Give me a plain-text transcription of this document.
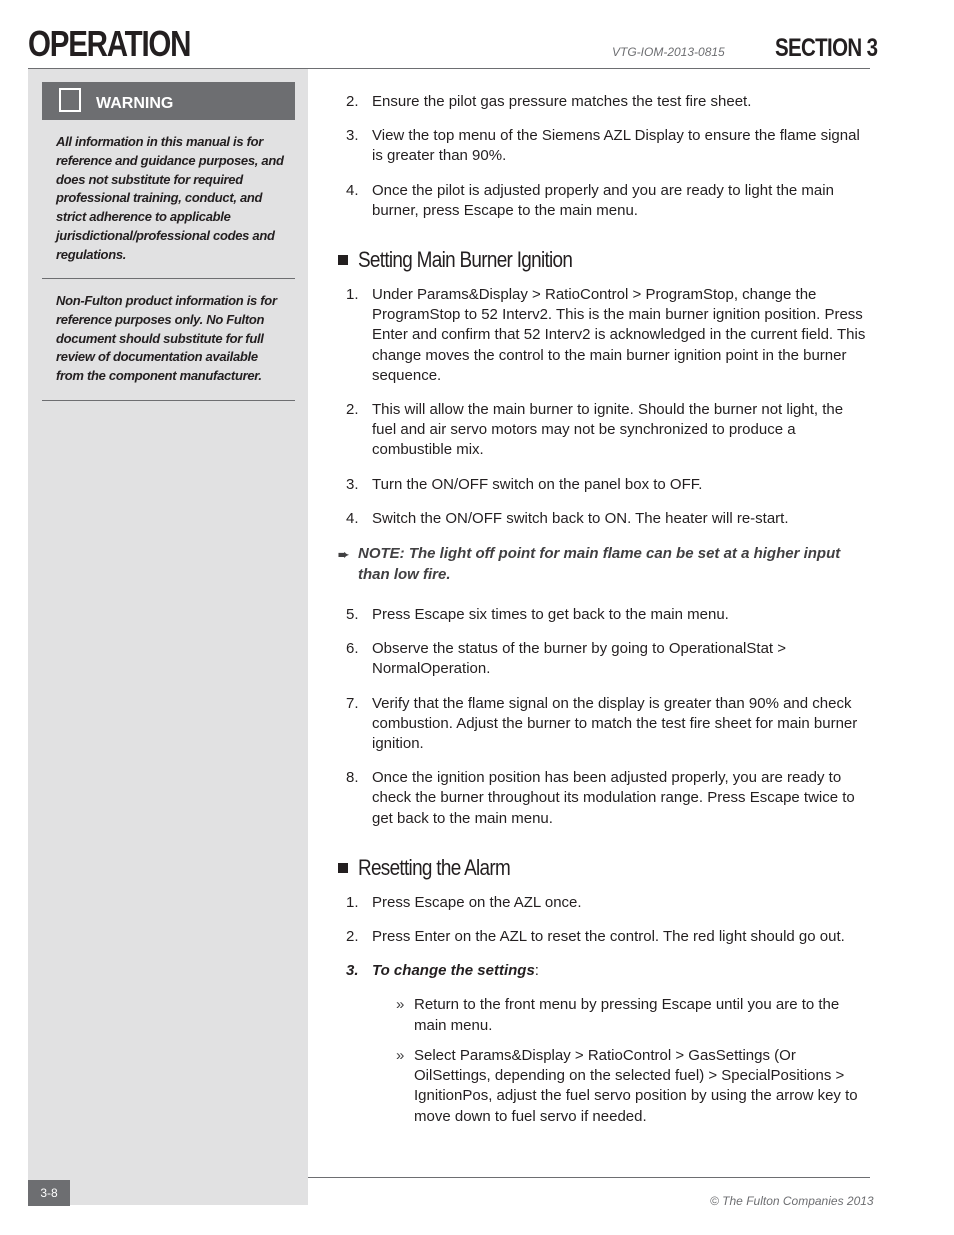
OPERATION	VTG-IOM-2013-0815 SECTION 3
WARNING
All information in this manual is for reference and guidance purposes, and does not substitute for required professional training, conduct, and strict adherence to applicable jurisdictional/professional codes and regulations.
Non-Fulton product information is for reference purposes only. No Fulton document should substitute for full review of documentation available from the component manufacturer.
2. Ensure the pilot gas pressure matches the test fire sheet.
3. View the top menu of the Siemens AZL Display to ensure the flame signal is greater than 90%.
4. Once the pilot is adjusted properly and you are ready to light the main burner, press Escape to the main menu.
Setting Main Burner Ignition
1. Under Params&Display > RatioControl > ProgramStop, change the ProgramStop to 52 Interv2. This is the main burner ignition position. Press Enter and confirm that 52 Interv2 is acknowledged in the current field. This change moves the control to the main burner ignition point in the burner sequence.
2. This will allow the main burner to ignite. Should the burner not light, the fuel and air servo motors may not be synchronized to produce a combustible mix.
3. Turn the ON/OFF switch on the panel box to OFF.
4. Switch the ON/OFF switch back to ON. The heater will re-start.
➨ NOTE: The light off point for main flame can be set at a higher input than low fire.
5. Press Escape six times to get back to the main menu.
6. Observe the status of the burner by going to OperationalStat > NormalOperation.
7. Verify that the flame signal on the display is greater than 90% and check combustion. Adjust the burner to match the test fire sheet for main burner ignition.
8. Once the ignition position has been adjusted properly, you are ready to check the burner throughout its modulation range. Press Escape twice to get back to the main menu.
Resetting the Alarm
1. Press Escape on the AZL once.
2. Press Enter on the AZL to reset the control. The red light should go out.
3. To change the settings:
» Return to the front menu by pressing Escape until you are to the main menu.
» Select Params&Display > RatioControl > GasSettings (Or OilSettings, depending on the selected fuel) > SpecialPositions > IgnitionPos, adjust the fuel servo position by using the arrow key to move down to fuel servo if needed.
3-8
© The Fulton Companies 2013
